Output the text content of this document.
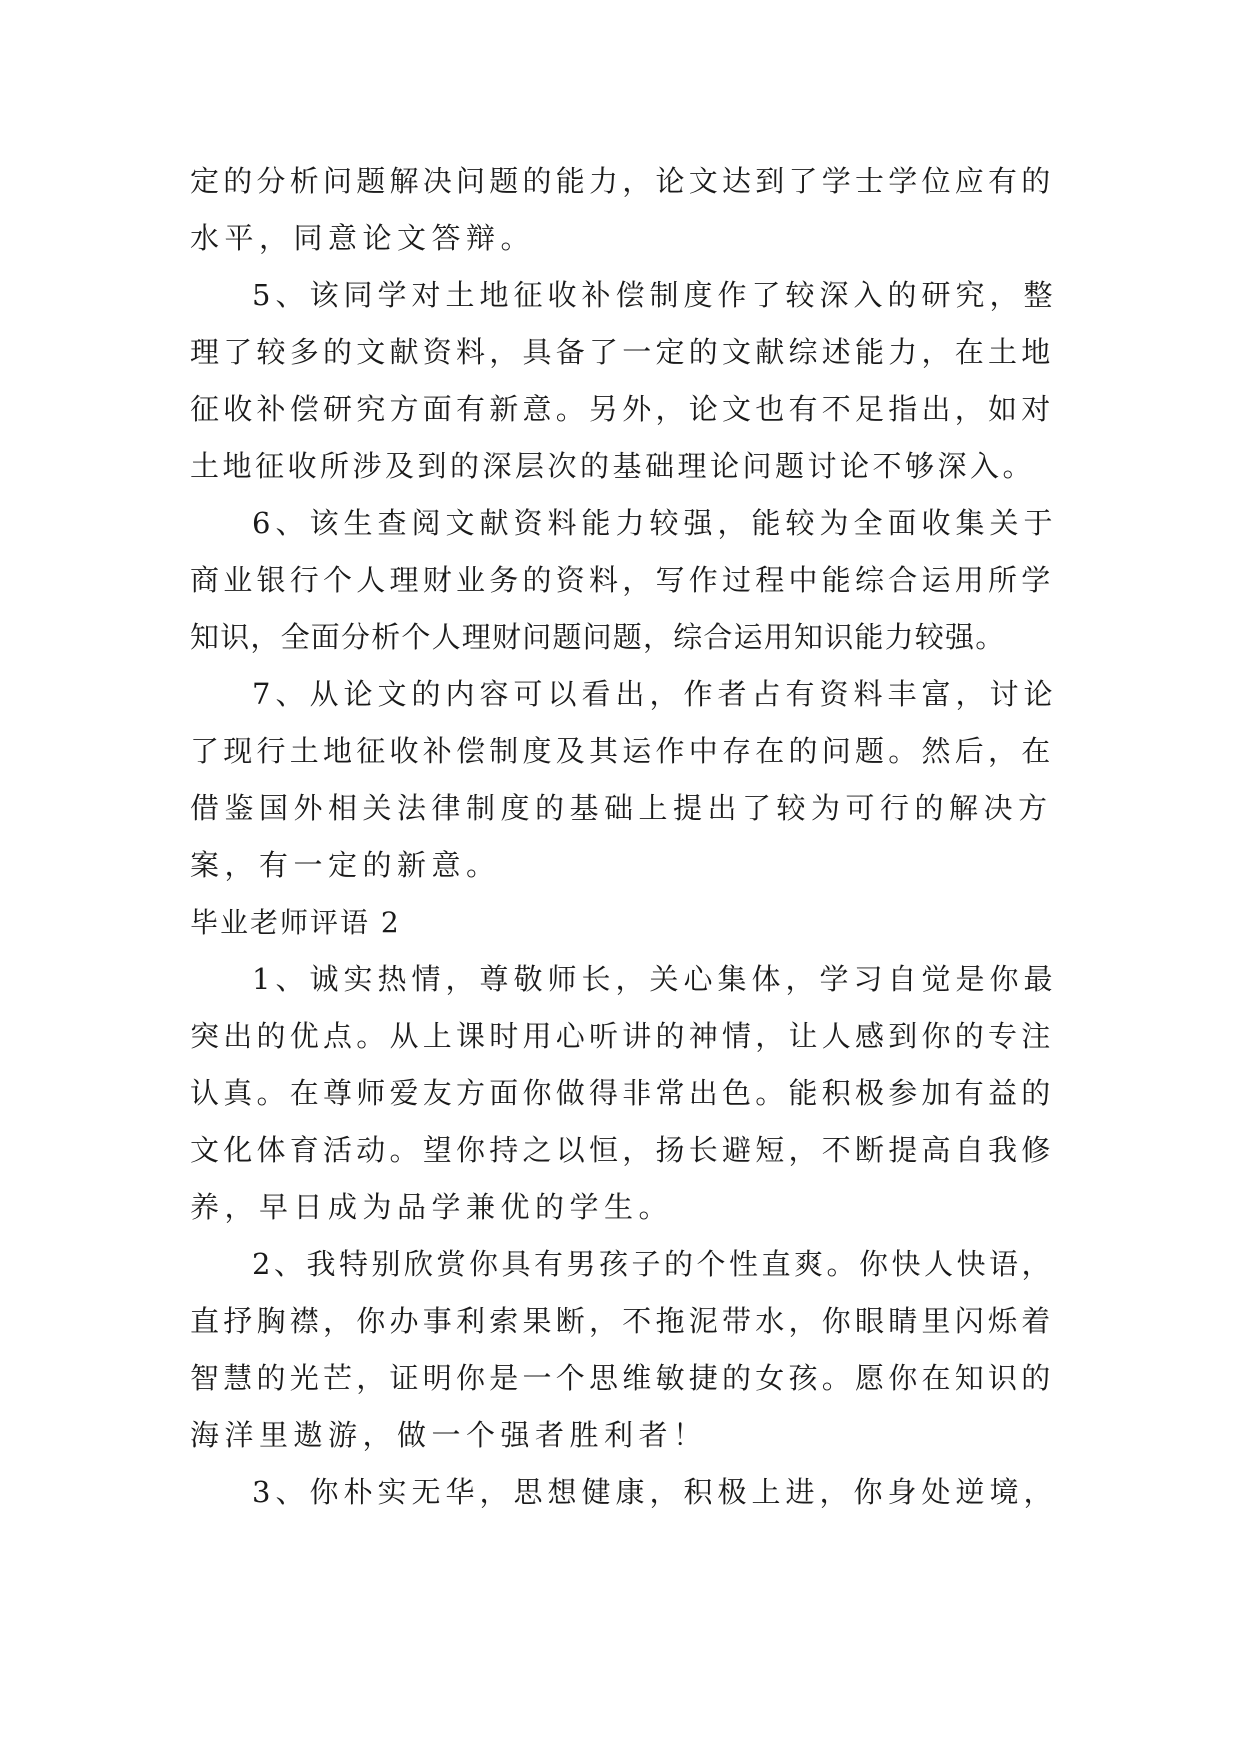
定的分析问题解决问题的能力，论文达到了学士学位应有的
水平，同意论文答辩。
5、该同学对土地征收补偿制度作了较深入的研究，整
理了较多的文献资料，具备了一定的文献综述能力，在土地
征收补偿研究方面有新意。另外，论文也有不足指出，如对
土地征收所涉及到的深层次的基础理论问题讨论不够深入。
6、该生查阅文献资料能力较强，能较为全面收集关于
商业银行个人理财业务的资料，写作过程中能综合运用所学
知识，全面分析个人理财问题问题，综合运用知识能力较强。
7、从论文的内容可以看出，作者占有资料丰富，讨论
了现行土地征收补偿制度及其运作中存在的问题。然后，在
借鉴国外相关法律制度的基础上提出了较为可行的解决方
案，有一定的新意。
毕业老师评语 2
1、诚实热情，尊敬师长，关心集体，学习自觉是你最
突出的优点。从上课时用心听讲的神情，让人感到你的专注
认真。在尊师爱友方面你做得非常出色。能积极参加有益的
文化体育活动。望你持之以恒，扬长避短，不断提高自我修
养，早日成为品学兼优的学生。
2、我特别欣赏你具有男孩子的个性直爽。你快人快语，
直抒胸襟，你办事利索果断，不拖泥带水，你眼睛里闪烁着
智慧的光芒，证明你是一个思维敏捷的女孩。愿你在知识的
海洋里遨游，做一个强者胜利者！
3、你朴实无华，思想健康，积极上进，你身处逆境，
